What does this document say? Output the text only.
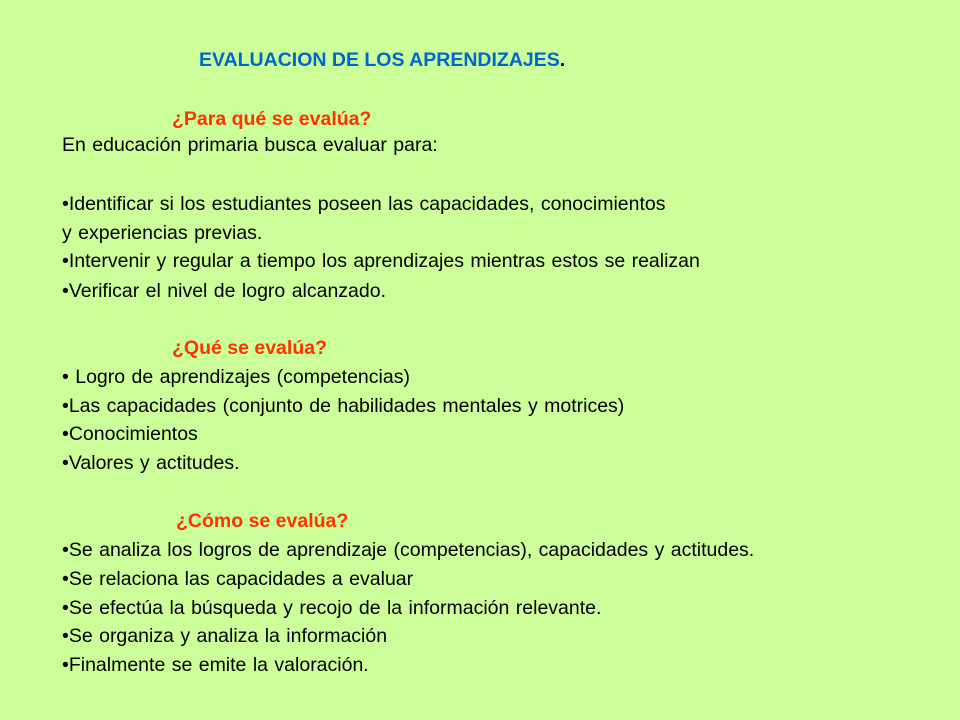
EVALUACION DE LOS APRENDIZAJES.
¿Para qué se evalúa?
En educación primaria busca evaluar para:
•Identificar si los estudiantes poseen las capacidades, conocimientos
y experiencias previas.
•Intervenir y regular a tiempo los aprendizajes mientras estos se realizan
•Verificar el nivel de logro alcanzado.
¿Qué se evalúa?
• Logro de aprendizajes (competencias)
•Las capacidades (conjunto de habilidades mentales y motrices)
•Conocimientos
•Valores y actitudes.
¿Cómo se evalúa?
•Se analiza los logros de aprendizaje (competencias), capacidades y actitudes.
•Se relaciona las capacidades a evaluar
•Se efectúa la búsqueda y recojo de la información relevante.
•Se organiza y analiza la información
•Finalmente se emite la valoración.
